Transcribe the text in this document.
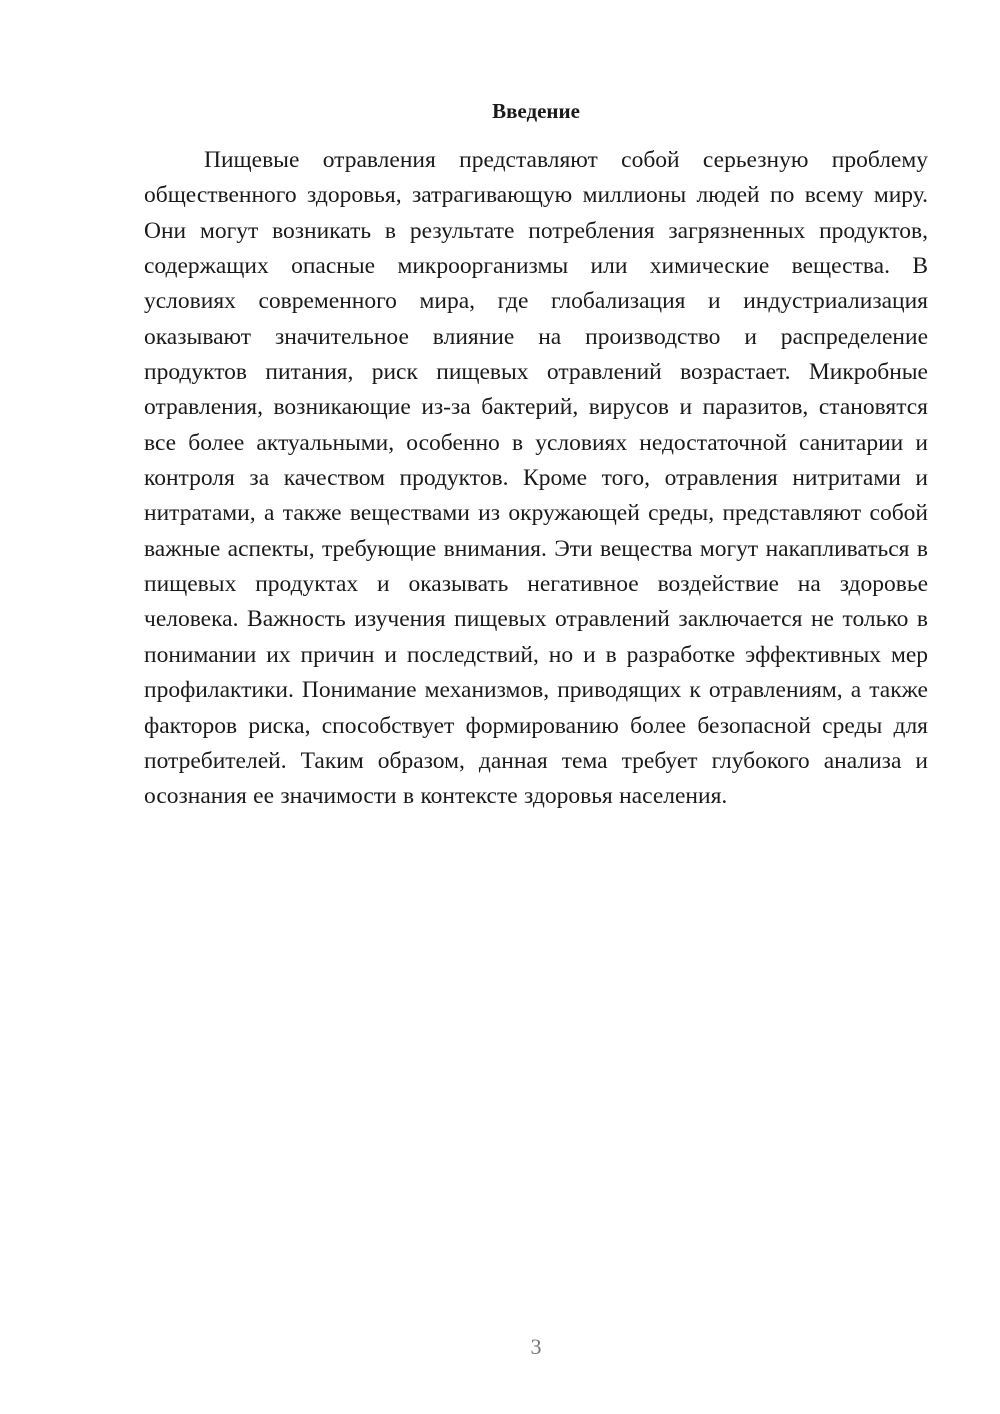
Введение

Пищевые отравления представляют собой серьезную проблему общественного здоровья, затрагивающую миллионы людей по всему миру. Они могут возникать в результате потребления загрязненных продуктов, содержащих опасные микроорганизмы или химические вещества. В условиях современного мира, где глобализация и индустриализация оказывают значительное влияние на производство и распределение продуктов питания, риск пищевых отравлений возрастает. Микробные отравления, возникающие из-за бактерий, вирусов и паразитов, становятся все более актуальными, особенно в условиях недостаточной санитарии и контроля за качеством продуктов. Кроме того, отравления нитритами и нитратами, а также веществами из окружающей среды, представляют собой важные аспекты, требующие внимания. Эти вещества могут накапливаться в пищевых продуктах и оказывать негативное воздействие на здоровье человека. Важность изучения пищевых отравлений заключается не только в понимании их причин и последствий, но и в разработке эффективных мер профилактики. Понимание механизмов, приводящих к отравлениям, а также факторов риска, способствует формированию более безопасной среды для потребителей. Таким образом, данная тема требует глубокого анализа и осознания ее значимости в контексте здоровья населения.

3
